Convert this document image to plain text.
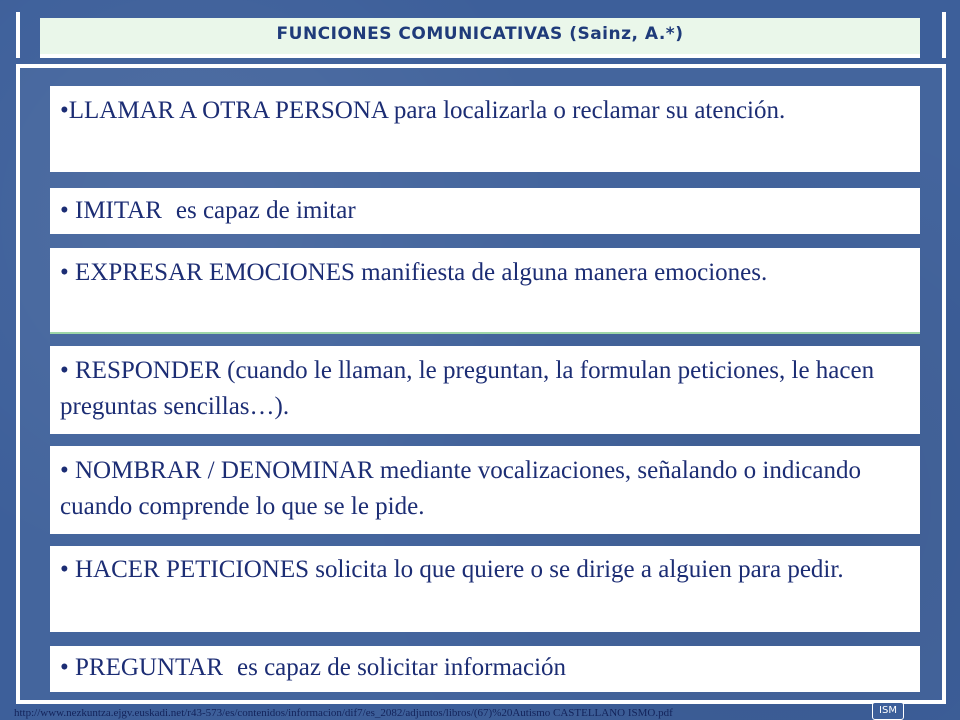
FUNCIONES COMUNICATIVAS (Sainz, A.*)
•LLAMAR A OTRA PERSONA para localizarla o reclamar su atención.
• IMITAR es capaz de imitar
• EXPRESAR EMOCIONES manifiesta de alguna manera emociones.
• RESPONDER (cuando le llaman, le preguntan, la formulan peticiones, le hacen preguntas sencillas…).
• NOMBRAR / DENOMINAR mediante vocalizaciones, señalando o indicando cuando comprende lo que se le pide.
• HACER PETICIONES solicita lo que quiere o se dirige a alguien para pedir.
• PREGUNTAR es capaz de solicitar información
http://www.nezkuntza.ejgv.euskadi.net/r43-573/es/contenidos/informacion/dif7/es_2082/adjuntos/libros/(67)%20Autismo CASTELLANO ISMO.pdf	ISM
